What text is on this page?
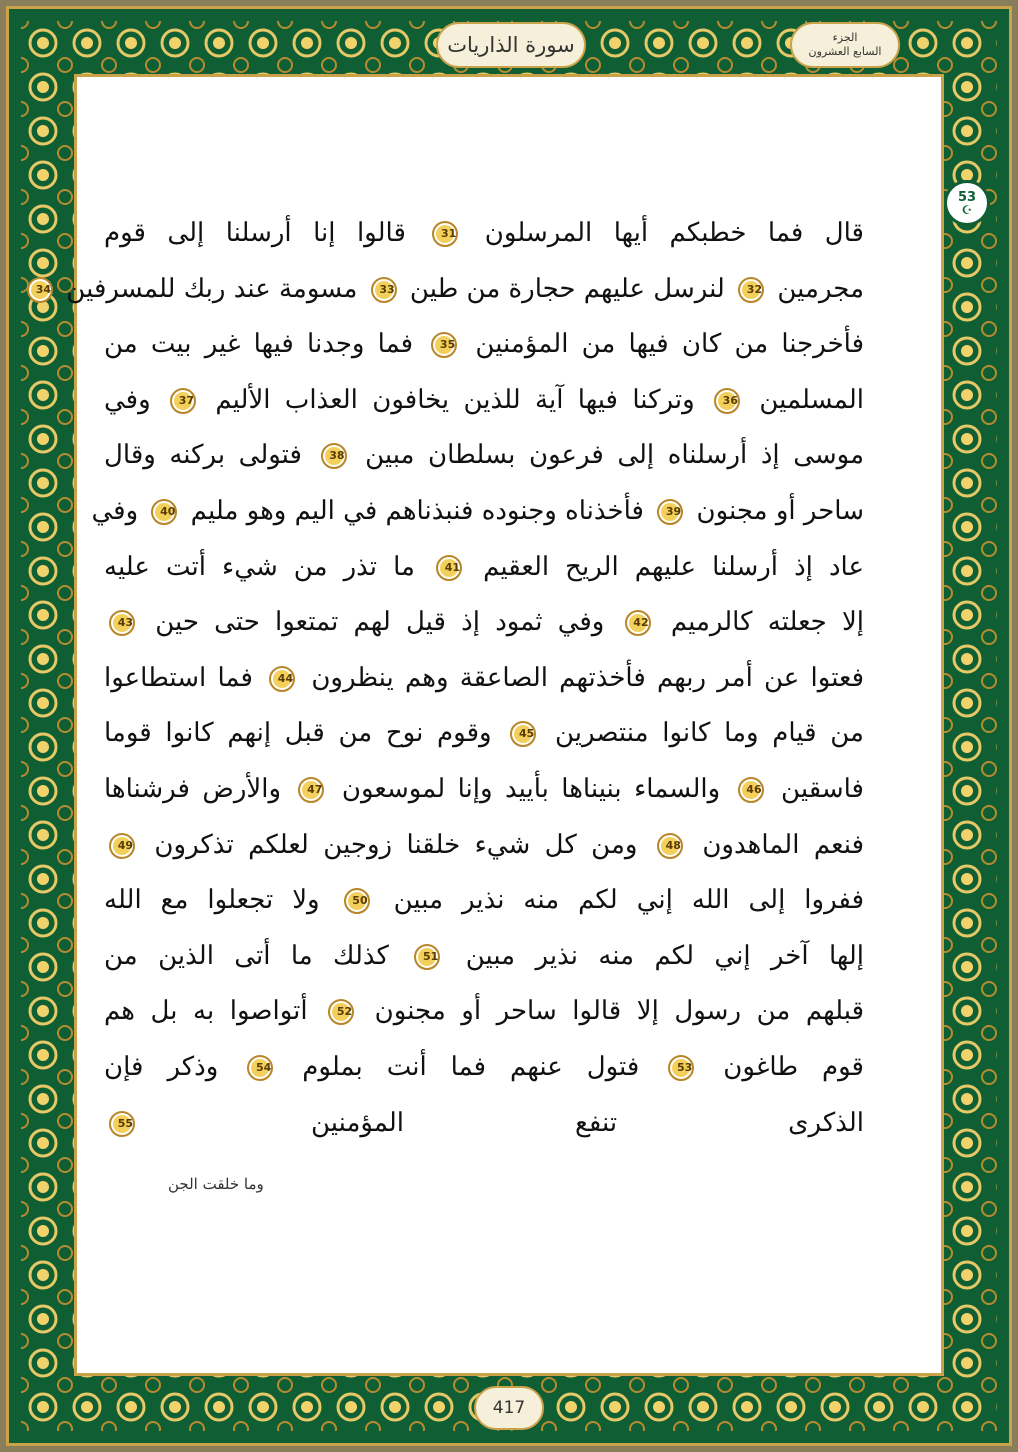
سورة الذاريات	الجزء
السابع العشرون
53
☪
قال فما خطبكم أيها المرسلون 31 قالوا إنا أرسلنا إلى قوم
مجرمين 32 لنرسل عليهم حجارة من طين 33 مسومة عند ربك للمسرفين 34
فأخرجنا من كان فيها من المؤمنين 35 فما وجدنا فيها غير بيت من
المسلمين 36 وتركنا فيها آية للذين يخافون العذاب الأليم 37 وفي
موسى إذ أرسلناه إلى فرعون بسلطان مبين 38 فتولى بركنه وقال
ساحر أو مجنون 39 فأخذناه وجنوده فنبذناهم في اليم وهو مليم 40 وفي
عاد إذ أرسلنا عليهم الريح العقيم 41 ما تذر من شيء أتت عليه
إلا جعلته كالرميم 42 وفي ثمود إذ قيل لهم تمتعوا حتى حين 43
فعتوا عن أمر ربهم فأخذتهم الصاعقة وهم ينظرون 44 فما استطاعوا
من قيام وما كانوا منتصرين 45 وقوم نوح من قبل إنهم كانوا قوما
فاسقين 46 والسماء بنيناها بأييد وإنا لموسعون 47 والأرض فرشناها
فنعم الماهدون 48 ومن كل شيء خلقنا زوجين لعلكم تذكرون 49
ففروا إلى الله إني لكم منه نذير مبين 50 ولا تجعلوا مع الله
إلها آخر إني لكم منه نذير مبين 51 كذلك ما أتى الذين من
قبلهم من رسول إلا قالوا ساحر أو مجنون 52 أتواصوا به بل هم
قوم طاغون 53 فتول عنهم فما أنت بملوم 54 وذكر فإن
الذكرى تنفع المؤمنين 55
وما خلقت الجن
417
